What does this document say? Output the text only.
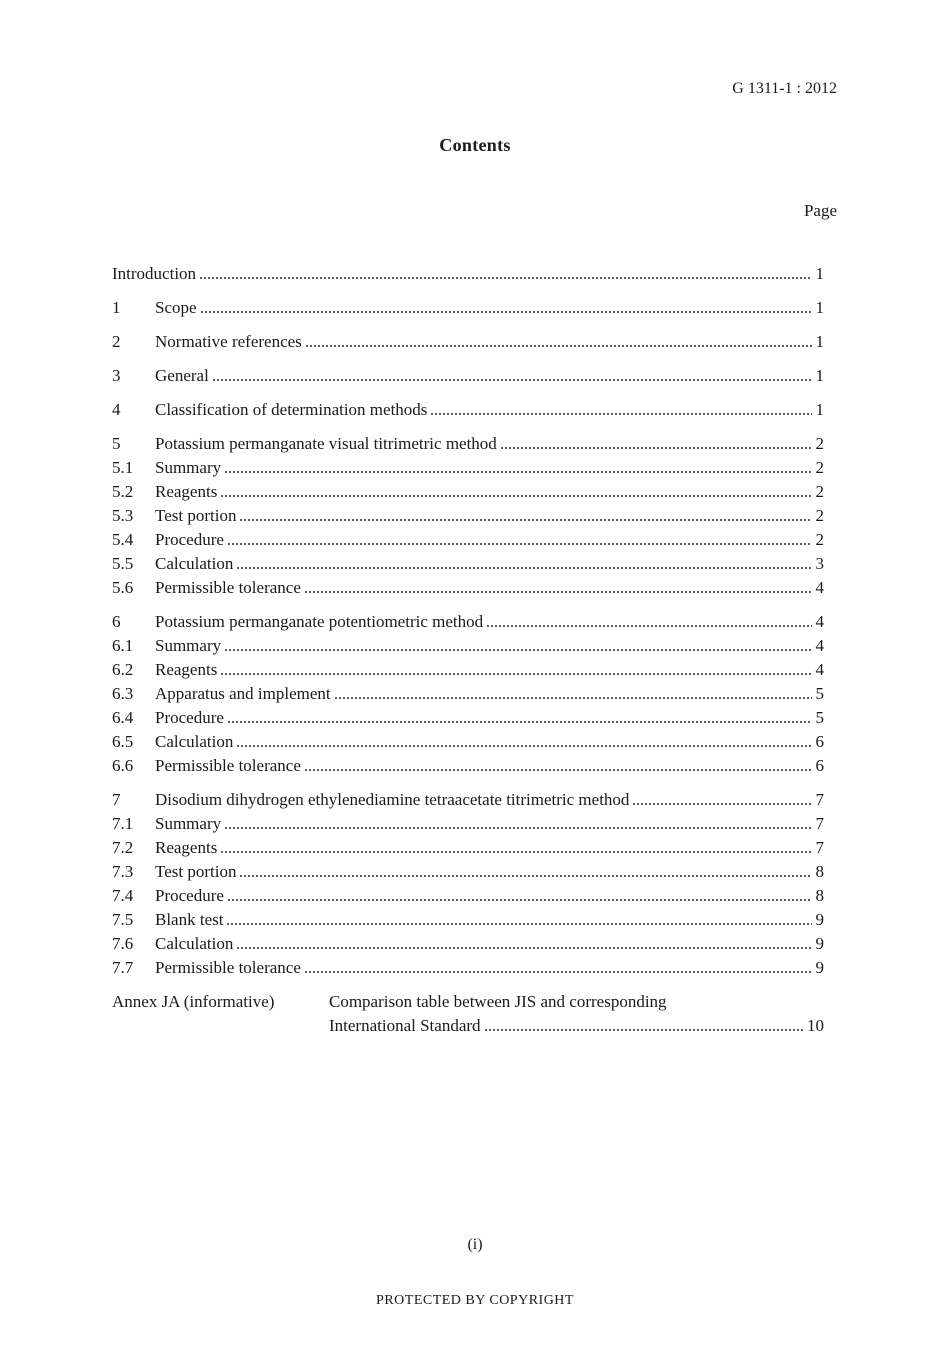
G 1311-1 : 2012
Contents
Page
Introduction	1
1	Scope	1
2	Normative references	1
3	General	1
4	Classification of determination methods	1
5	Potassium permanganate visual titrimetric method	2
5.1	Summary	2
5.2	Reagents	2
5.3	Test portion	2
5.4	Procedure	2
5.5	Calculation	3
5.6	Permissible tolerance	4
6	Potassium permanganate potentiometric method	4
6.1	Summary	4
6.2	Reagents	4
6.3	Apparatus and implement	5
6.4	Procedure	5
6.5	Calculation	6
6.6	Permissible tolerance	6
7	Disodium dihydrogen ethylenediamine tetraacetate titrimetric method	7
7.1	Summary	7
7.2	Reagents	7
7.3	Test portion	8
7.4	Procedure	8
7.5	Blank test	9
7.6	Calculation	9
7.7	Permissible tolerance	9
Annex JA (informative)	Comparison table between JIS and corresponding
International Standard	10
(i)
PROTECTED BY COPYRIGHT
